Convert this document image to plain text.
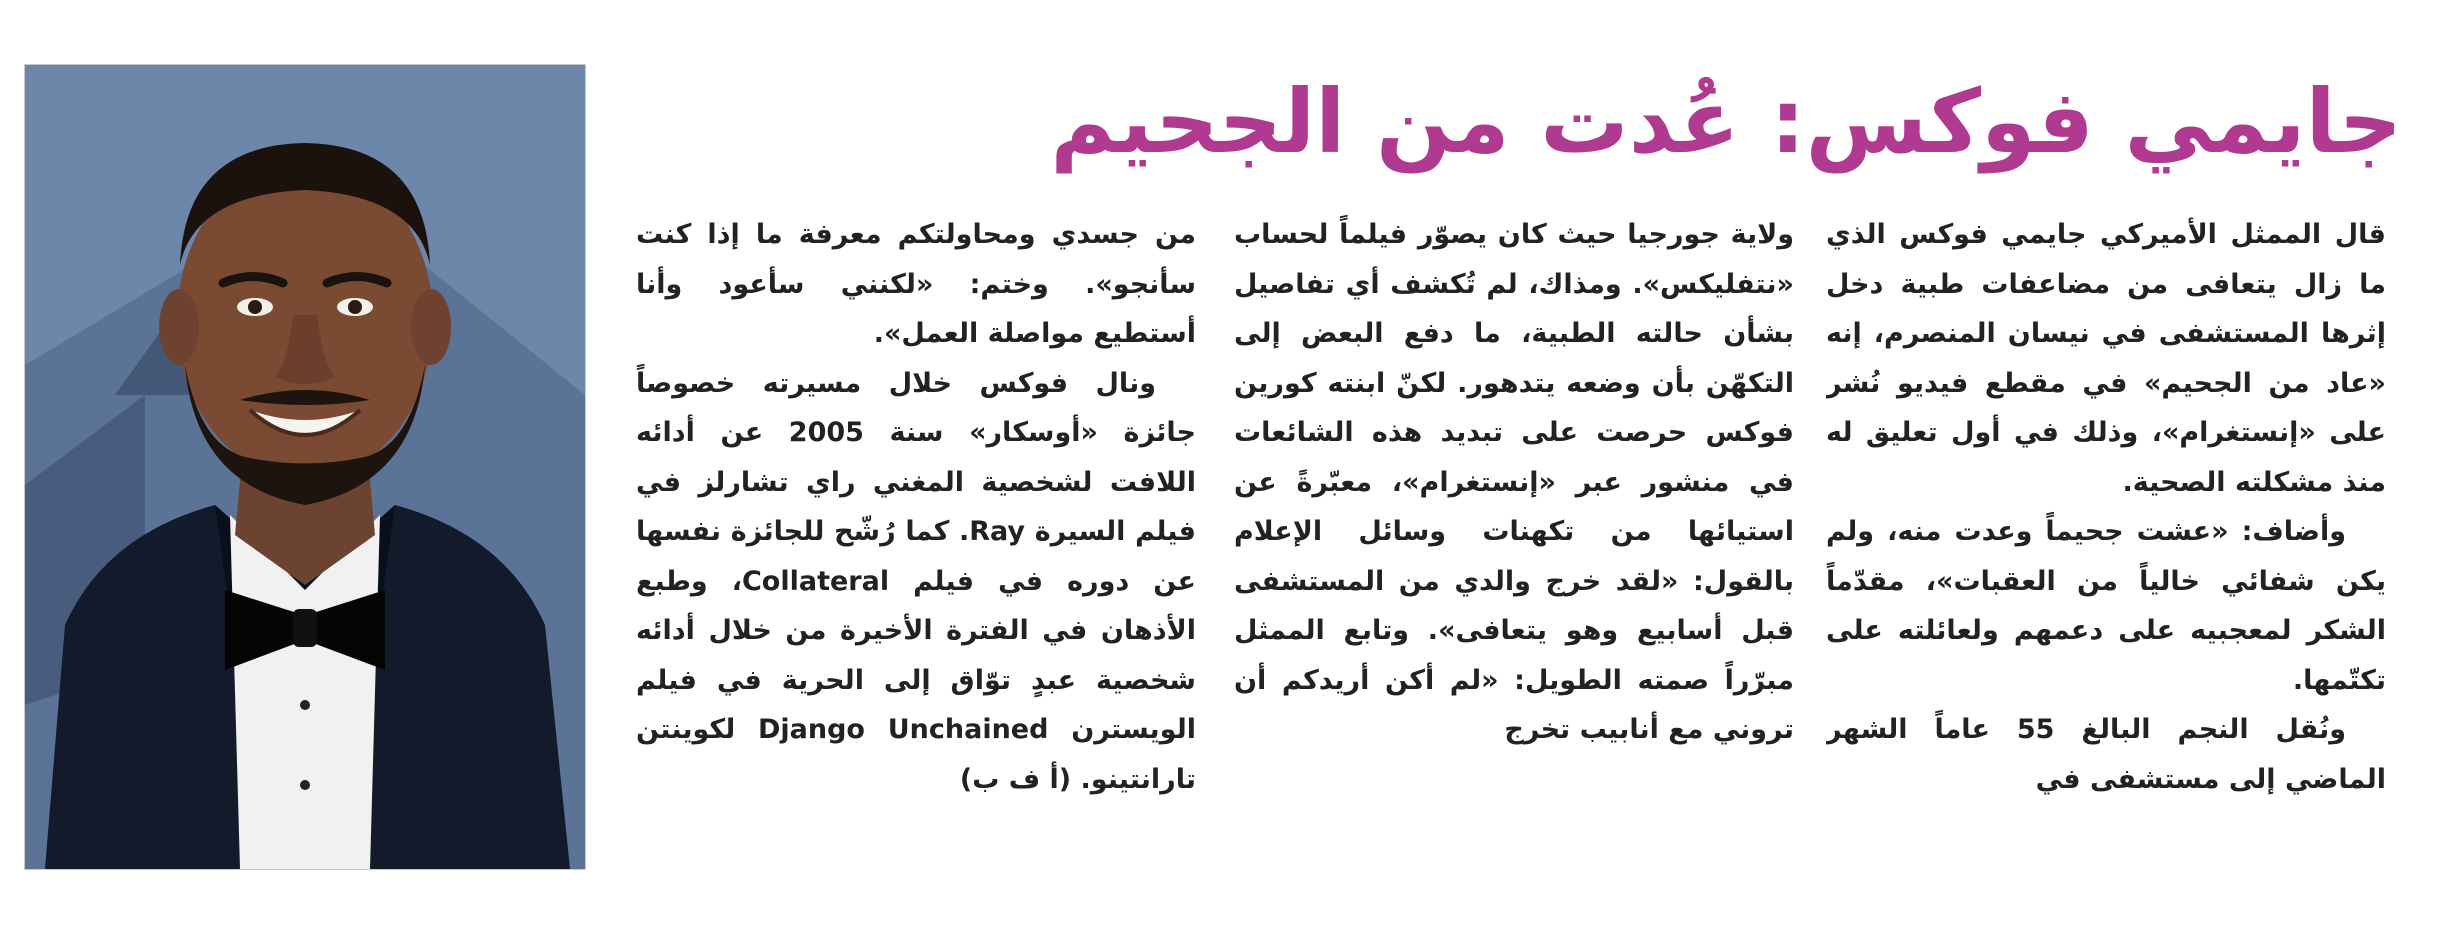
جايمي فوكس: عُدت من الجحيم

قال الممثل الأميركي جايمي فوكس الذي ما زال يتعافى من مضاعفات طبية دخل إثرها المستشفى في نيسان المنصرم، إنه «عاد من الجحيم» في مقطع فيديو نُشر على «إنستغرام»، وذلك في أول تعليق له منذ مشكلته الصحية.

وأضاف: «عشت جحيماً وعدت منه، ولم يكن شفائي خالياً من العقبات»، مقدّماً الشكر لمعجبيه على دعمهم ولعائلته على تكتّمها.

ونُقل النجم البالغ 55 عاماً الشهر الماضي إلى مستشفى في

ولاية جورجيا حيث كان يصوّر فيلماً لحساب «نتفليكس». ومذاك، لم تُكشف أي تفاصيل بشأن حالته الطبية، ما دفع البعض إلى التكهّن بأن وضعه يتدهور. لكنّ ابنته كورين فوكس حرصت على تبديد هذه الشائعات في منشور عبر «إنستغرام»، معبّرةً عن استيائها من تكهنات وسائل الإعلام بالقول: «لقد خرج والدي من المستشفى قبل أسابيع وهو يتعافى». وتابع الممثل مبرّراً صمته الطويل: «لم أكن أريدكم أن تروني مع أنابيب تخرج

من جسدي ومحاولتكم معرفة ما إذا كنت سأنجو». وختم: «لكنني سأعود وأنا أستطيع مواصلة العمل».

ونال فوكس خلال مسيرته خصوصاً جائزة «أوسكار» سنة 2005 عن أدائه اللافت لشخصية المغني راي تشارلز في فيلم السيرة Ray. كما رُشّح للجائزة نفسها عن دوره في فيلم Collateral، وطبع الأذهان في الفترة الأخيرة من خلال أدائه شخصية عبدٍ توّاق إلى الحرية في فيلم الويسترن Django Unchained لكوينتن تارانتينو. (أ ف ب)
